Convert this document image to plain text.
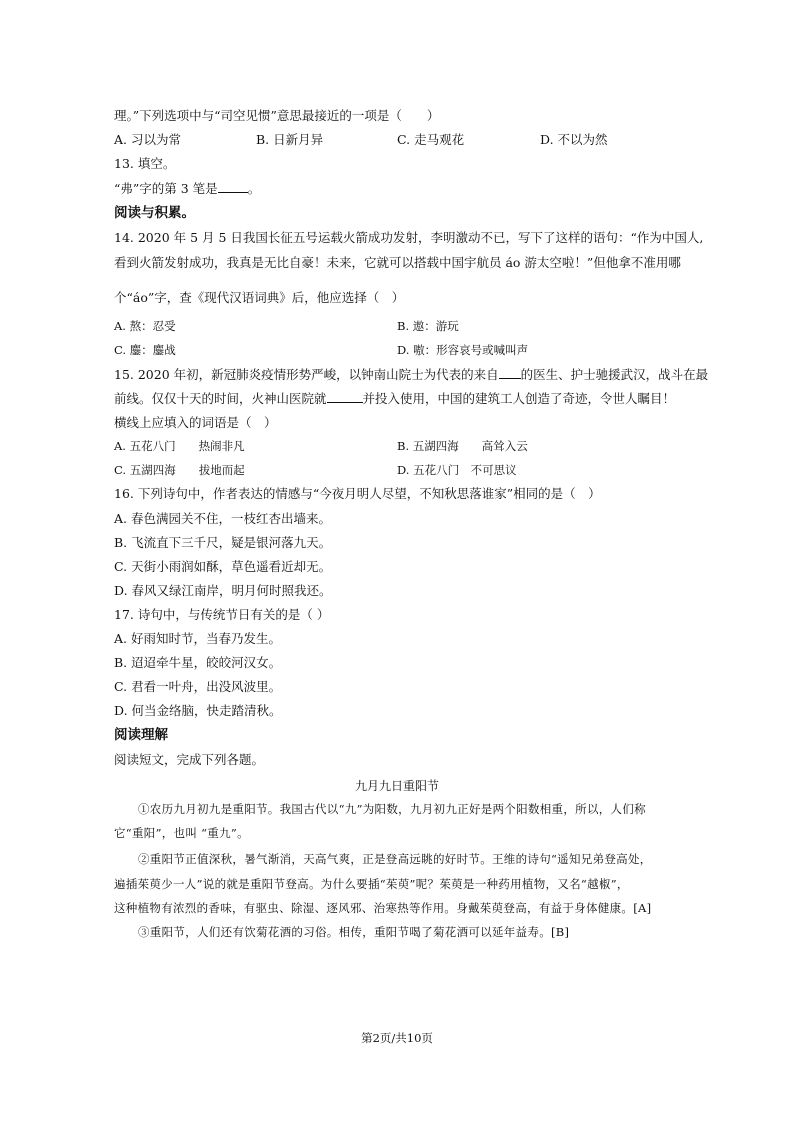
理。”下列选项中与“司空见惯”意思最接近的一项是（　　）
A. 习以为常	B. 日新月异	C. 走马观花	D. 不以为然
13. 填空。
“弗”字的第 3 笔是 。
阅读与积累。
14. 2020 年 5 月 5 日我国长征五号运载火箭成功发射，李明激动不已，写下了这样的语句：“作为中国人,
看到火箭发射成功，我真是无比自豪！未来，它就可以搭载中国宇航员 áo 游太空啦！”但他拿不准用哪
个“áo”字，查《现代汉语词典》后，他应选择（　）
A. 熬：忍受	B. 遨：游玩
C. 鏖：鏖战	D. 嗷：形容哀号或喊叫声
15. 2020 年初，新冠肺炎疫情形势严峻，以钟南山院士为代表的来自 的医生、护士驰援武汉，战斗在最
前线。仅仅十天的时间，火神山医院就	并投入使用，中国的建筑工人创造了奇迹，令世人瞩目！
横线上应填入的词语是（　）
A. 五花八门　　热闹非凡	B. 五湖四海　　高耸入云
C. 五湖四海　　拔地而起	D. 五花八门　不可思议
16. 下列诗句中，作者表达的情感与“今夜月明人尽望，不知秋思落谁家”相同的是（　）
A. 春色满园关不住，一枝红杏出墙来。
B. 飞流直下三千尺，疑是银河落九天。
C. 天街小雨润如酥，草色遥看近却无。
D. 春风又绿江南岸，明月何时照我还。
17. 诗句中，与传统节日有关的是（ ）
A. 好雨知时节，当春乃发生。
B. 迢迢牵牛星，皎皎河汉女。
C. 君看一叶舟，出没风波里。
D. 何当金络脑，快走踏清秋。
阅读理解
阅读短文，完成下列各题。
九月九日重阳节
①农历九月初九是重阳节。我国古代以“九”为阳数，九月初九正好是两个阳数相重，所以，人们称
它“重阳”，也叫 “重九”。
②重阳节正值深秋，暑气渐消，天高气爽，正是登高远眺的好时节。王维的诗句“遥知兄弟登高处，
遍插茱萸少一人”说的就是重阳节登高。为什么要插“茱萸”呢？茱萸是一种药用植物，又名“越椒”，
这种植物有浓烈的香味，有驱虫、除湿、逐风邪、治寒热等作用。身戴茱萸登高，有益于身体健康。[A]
③重阳节，人们还有饮菊花酒的习俗。相传，重阳节喝了菊花酒可以延年益寿。[B]
第2页/共10页
